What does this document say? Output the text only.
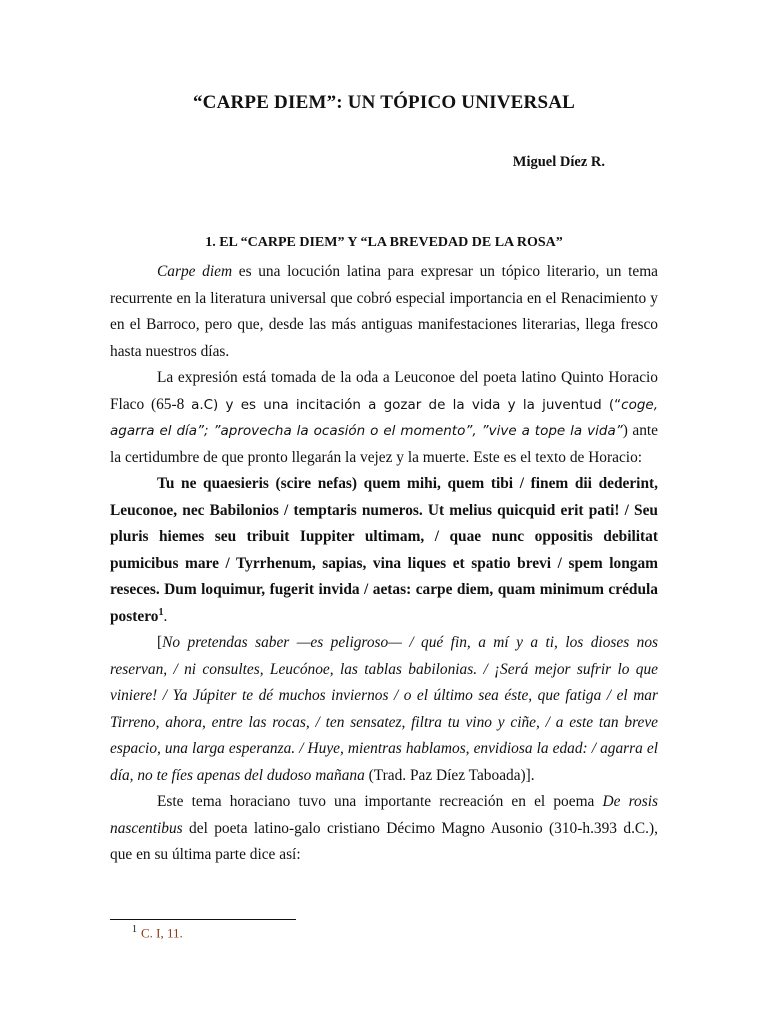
“CARPE DIEM”: UN TÓPICO UNIVERSAL
Miguel Díez R.
1. EL “CARPE DIEM” Y “LA BREVEDAD DE LA ROSA”

Carpe diem es una locución latina para expresar un tópico literario, un tema recurrente en la literatura universal que cobró especial importancia en el Renacimiento y en el Barroco, pero que, desde las más antiguas manifestaciones literarias, llega fresco hasta nuestros días.

La expresión está tomada de la oda a Leuconoe del poeta latino Quinto Horacio Flaco (65-8 a.C) y es una incitación a gozar de la vida y la juventud (“coge, agarra el día”; ”aprovecha la ocasión o el momento”, ”vive a tope la vida”) ante la certidumbre de que pronto llegarán la vejez y la muerte. Este es el texto de Horacio:

Tu ne quaesieris (scire nefas) quem mihi, quem tibi / finem dii dederint, Leuconoe, nec Babilonios / temptaris numeros. Ut melius quicquid erit pati! / Seu pluris hiemes seu tribuit Iuppiter ultimam, / quae nunc oppositis debilitat pumicibus mare / Tyrrhenum, sapias, vina liques et spatio brevi / spem longam reseces. Dum loquimur, fugerit invida / aetas: carpe diem, quam minimum crédula postero$^1$.

[No pretendas saber —es peligroso— / qué fin, a mí y a ti, los dioses nos reservan, / ni consultes, Leucónoe, las tablas babilonias. / ¡Será mejor sufrir lo que viniere! / Ya Júpiter te dé muchos inviernos / o el último sea éste, que fatiga / el mar Tirreno, ahora, entre las rocas, / ten sensatez, filtra tu vino y ciñe, / a este tan breve espacio, una larga esperanza. / Huye, mientras hablamos, envidiosa la edad: / agarra el día, no te fíes apenas del dudoso mañana (Trad. Paz Díez Taboada)].

Este tema horaciano tuvo una importante recreación en el poema De rosis nascentibus del poeta latino-galo cristiano Décimo Magno Ausonio (310-h.393 d.C.), que en su última parte dice así:

$^1$ C. I, 11.
